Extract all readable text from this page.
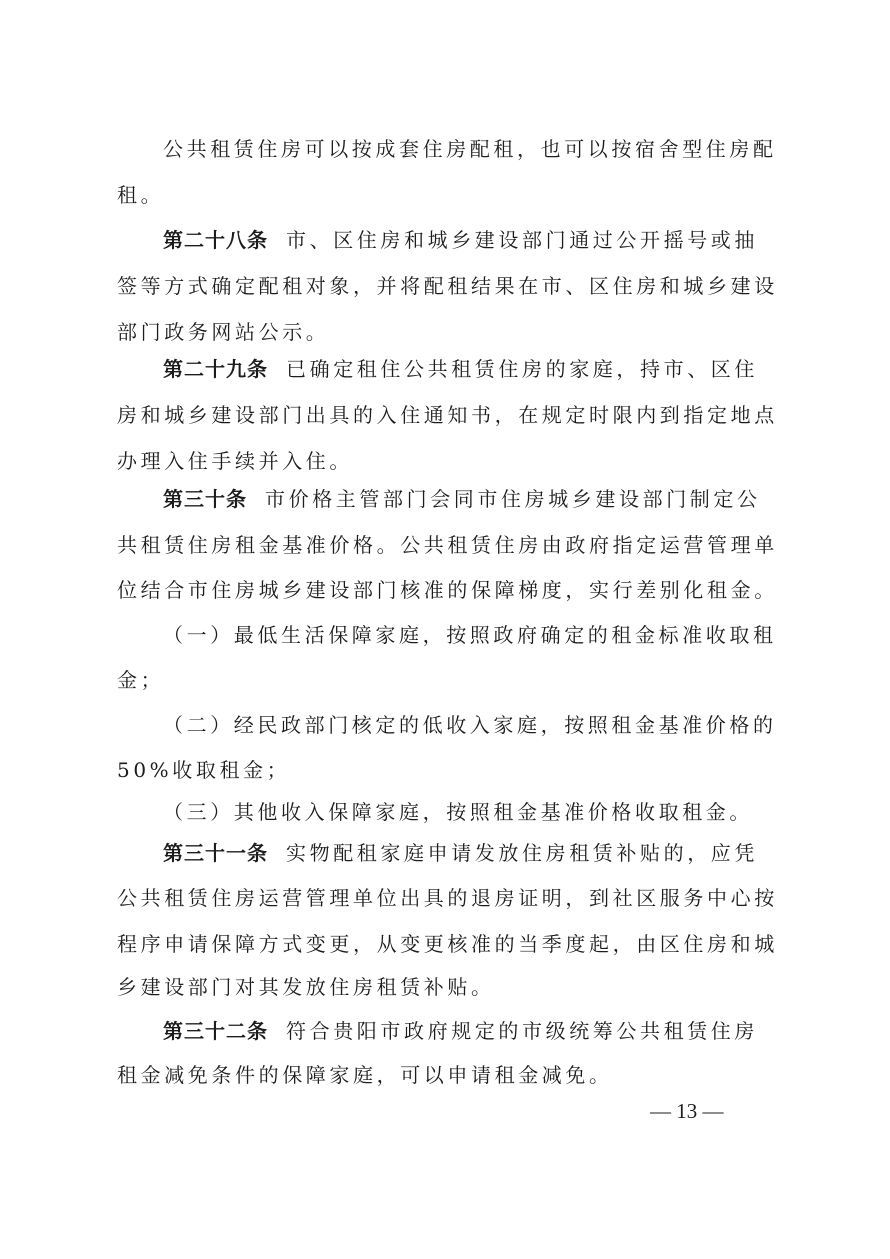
公共租赁住房可以按成套住房配租，也可以按宿舍型住房配
租。
第二十八条 市、区住房和城乡建设部门通过公开摇号或抽
签等方式确定配租对象，并将配租结果在市、区住房和城乡建设
部门政务网站公示。
第二十九条 已确定租住公共租赁住房的家庭，持市、区住
房和城乡建设部门出具的入住通知书，在规定时限内到指定地点
办理入住手续并入住。
第三十条 市价格主管部门会同市住房城乡建设部门制定公
共租赁住房租金基准价格。公共租赁住房由政府指定运营管理单
位结合市住房城乡建设部门核准的保障梯度，实行差别化租金。
（一）最低生活保障家庭，按照政府确定的租金标准收取租
金；
（二）经民政部门核定的低收入家庭，按照租金基准价格的
50%收取租金；
（三）其他收入保障家庭，按照租金基准价格收取租金。
第三十一条 实物配租家庭申请发放住房租赁补贴的，应凭
公共租赁住房运营管理单位出具的退房证明，到社区服务中心按
程序申请保障方式变更，从变更核准的当季度起，由区住房和城
乡建设部门对其发放住房租赁补贴。
第三十二条 符合贵阳市政府规定的市级统筹公共租赁住房
租金减免条件的保障家庭，可以申请租金减免。
— 13 —
